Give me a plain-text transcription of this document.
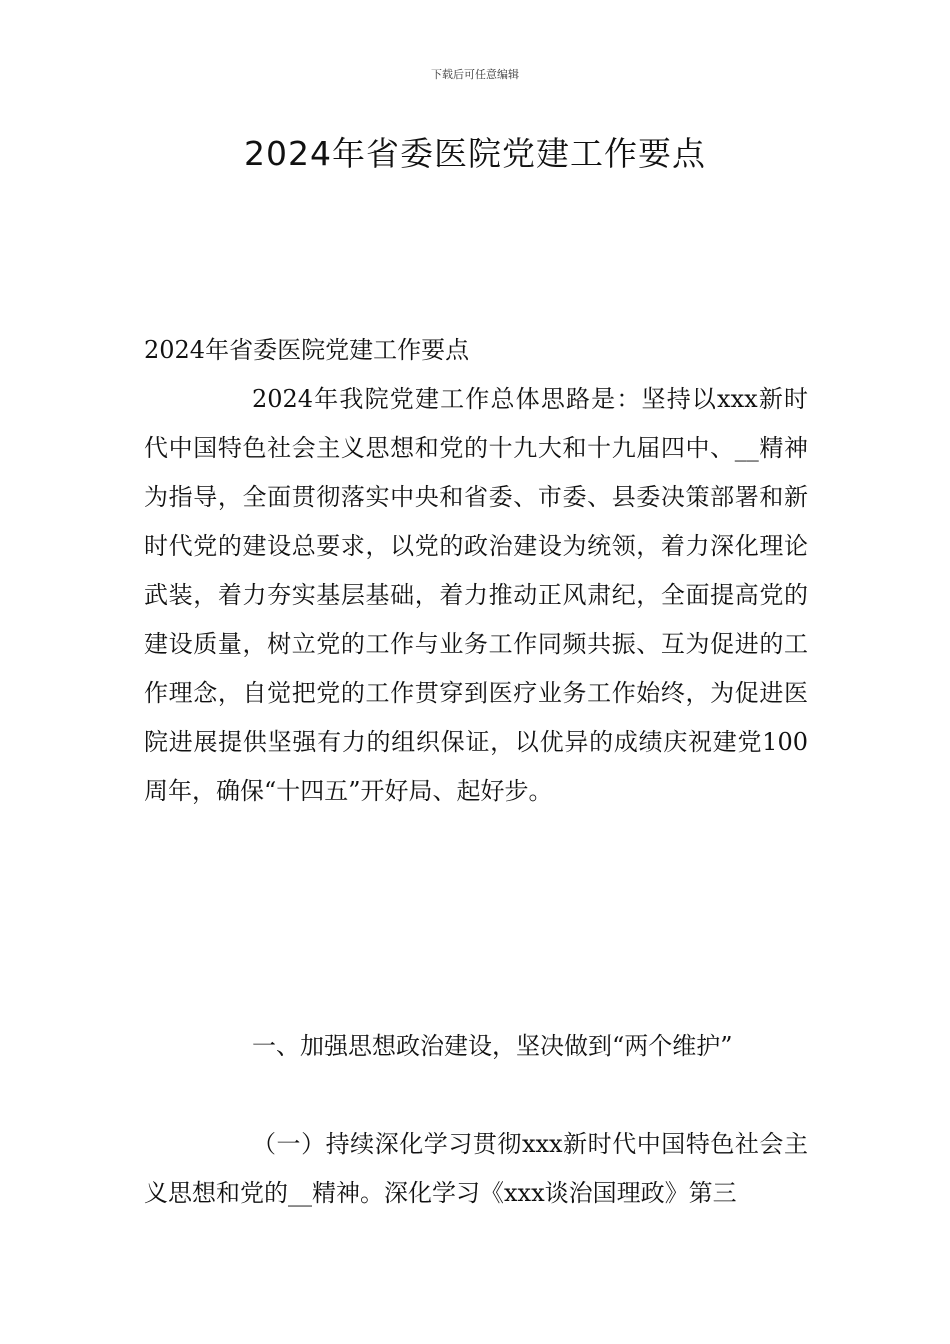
下载后可任意编辑
2024年省委医院党建工作要点

2024年省委医院党建工作要点

2024年我院党建工作总体思路是：坚持以xxx新时代中国特色社会主义思想和党的十九大和十九届四中、__精神为指导，全面贯彻落实中央和省委、市委、县委决策部署和新时代党的建设总要求，以党的政治建设为统领，着力深化理论武装，着力夯实基层基础，着力推动正风肃纪，全面提高党的建设质量，树立党的工作与业务工作同频共振、互为促进的工作理念，自觉把党的工作贯穿到医疗业务工作始终，为促进医院进展提供坚强有力的组织保证，以优异的成绩庆祝建党100周年，确保“十四五”开好局、起好步。

一、加强思想政治建设，坚决做到“两个维护”

（一）持续深化学习贯彻xxx新时代中国特色社会主义思想和党的__精神。深化学习《xxx谈治国理政》第三
